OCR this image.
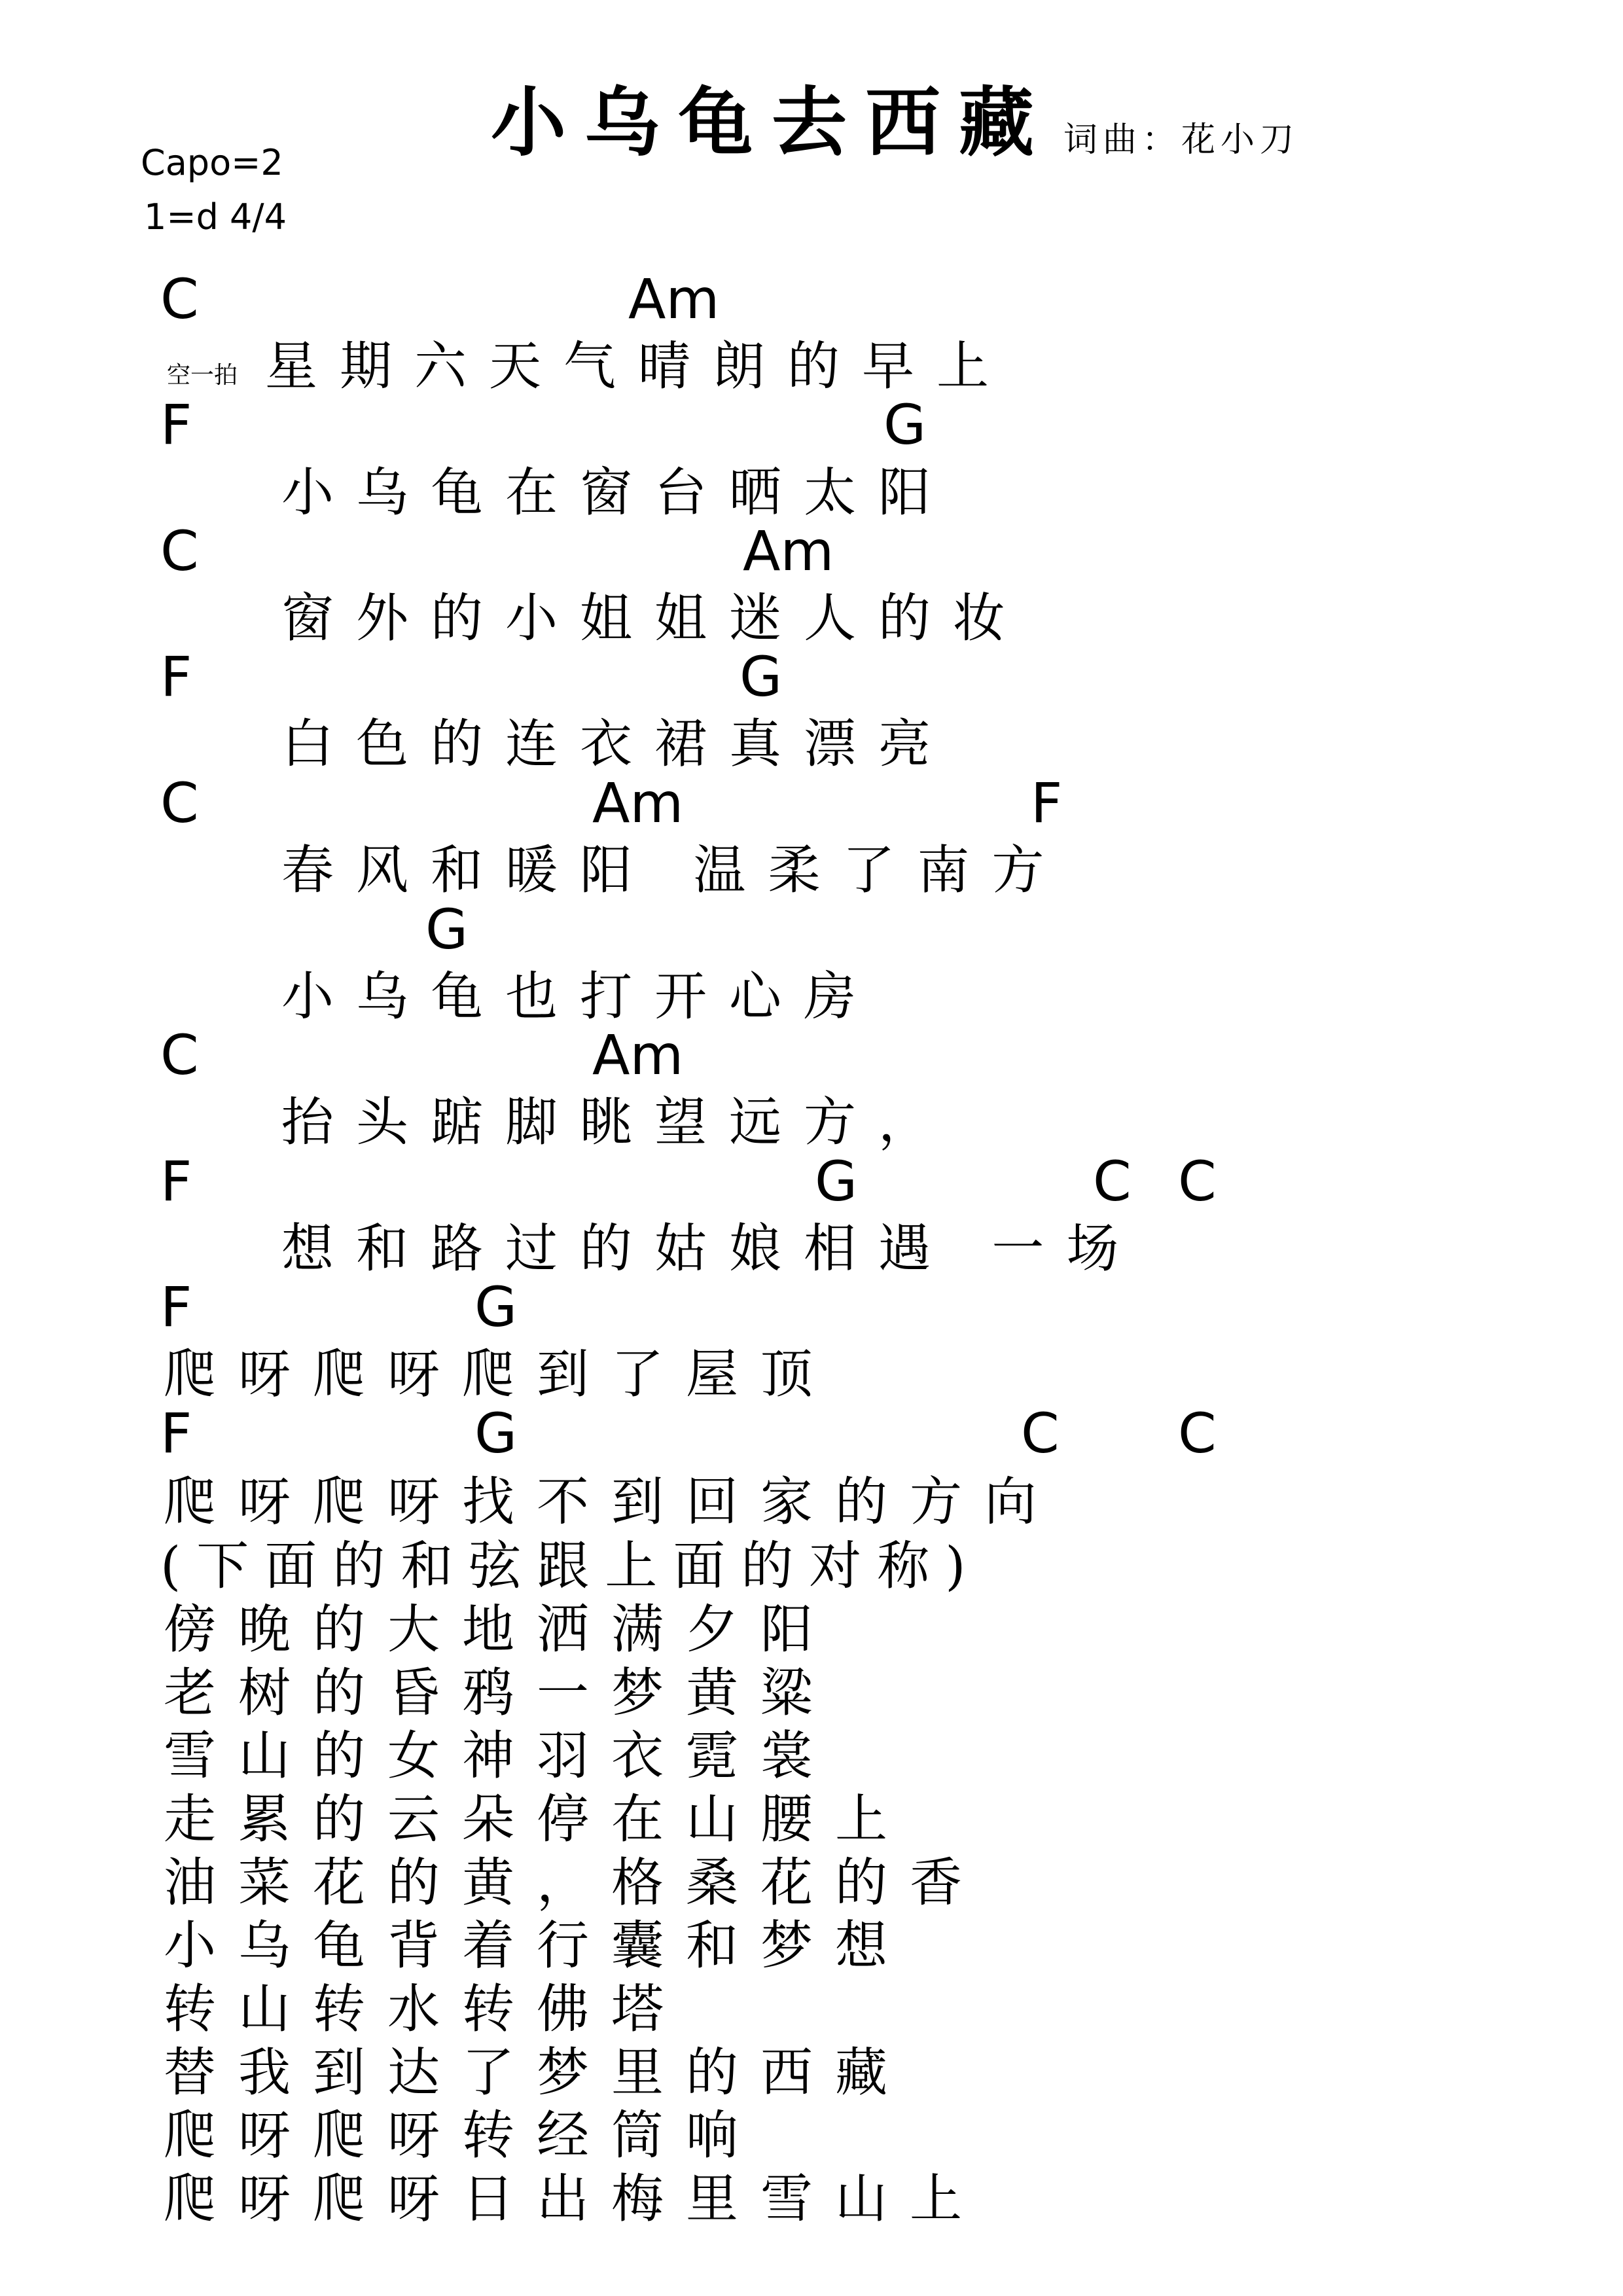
小乌龟去西藏 词曲：花小刀
Capo=2
1=d 4/4
C	Am
空一拍 星期六天气晴朗的早上
F	G
小乌龟在窗台晒太阳
C	Am
窗外的小姐姐迷人的妆
F	G
白色的连衣裙真漂亮
C	Am	F
春风和暖阳 温柔了南方
G
小乌龟也打开心房
C	Am
抬头踮脚眺望远方，
F	G	C C
想和路过的姑娘相遇 一场
F	G
爬呀爬呀爬到了屋顶
F	G	C C
爬呀爬呀找不到回家的方向
(下面的和弦跟上面的对称)
傍晚的大地洒满夕阳
老树的昏鸦一梦黄粱
雪山的女神羽衣霓裳
走累的云朵停在山腰上
油菜花的黄，格桑花的香
小乌龟背着行囊和梦想
转山转水转佛塔
替我到达了梦里的西藏
爬呀爬呀转经筒响
爬呀爬呀日出梅里雪山上
